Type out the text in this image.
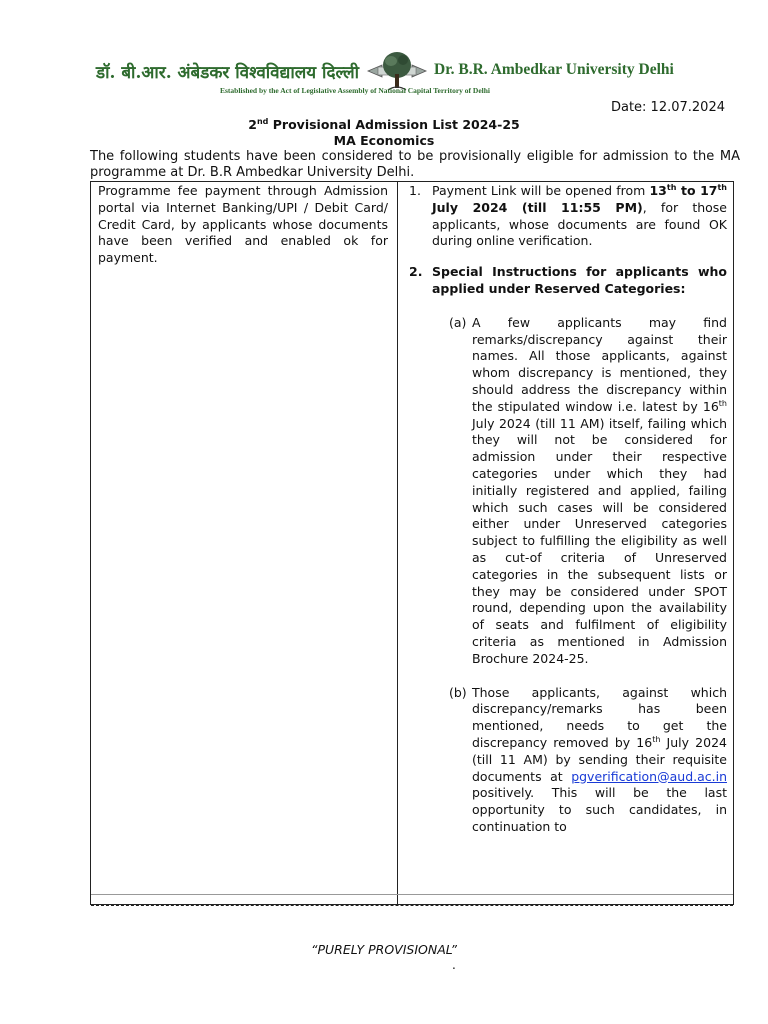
डॉ. बी.आर. अंबेडकर विश्वविद्यालय दिल्ली	Dr. B.R. Ambedkar University Delhi
Established by the Act of Legislative Assembly of National Capital Territory of Delhi
Date: 12.07.2024
2nd Provisional Admission List 2024-25
MA Economics
The following students have been considered to be provisionally eligible for admission to the MA programme at Dr. B.R Ambedkar University Delhi.
Programme fee payment through Admission portal via Internet Banking/UPI / Debit Card/ Credit Card, by applicants whose documents have been verified and enabled ok for payment.
1. Payment Link will be opened from 13th to 17th July 2024 (till 11:55 PM), for those applicants, whose documents are found OK during online verification.
2. Special Instructions for applicants who applied under Reserved Categories:
(a) A few applicants may find remarks/discrepancy against their names. All those applicants, against whom discrepancy is mentioned, they should address the discrepancy within the stipulated window i.e. latest by 16th July 2024 (till 11 AM) itself, failing which they will not be considered for admission under their respective categories under which they had initially registered and applied, failing which such cases will be considered either under Unreserved categories subject to fulfilling the eligibility as well as cut-of criteria of Unreserved categories in the subsequent lists or they may be considered under SPOT round, depending upon the availability of seats and fulfilment of eligibility criteria as mentioned in Admission Brochure 2024-25.
(b) Those applicants, against which discrepancy/remarks has been mentioned, needs to get the discrepancy removed by 16th July 2024 (till 11 AM) by sending their requisite documents at pgverification@aud.ac.in positively. This will be the last opportunity to such candidates, in continuation to
“PURELY PROVISIONAL”
.
